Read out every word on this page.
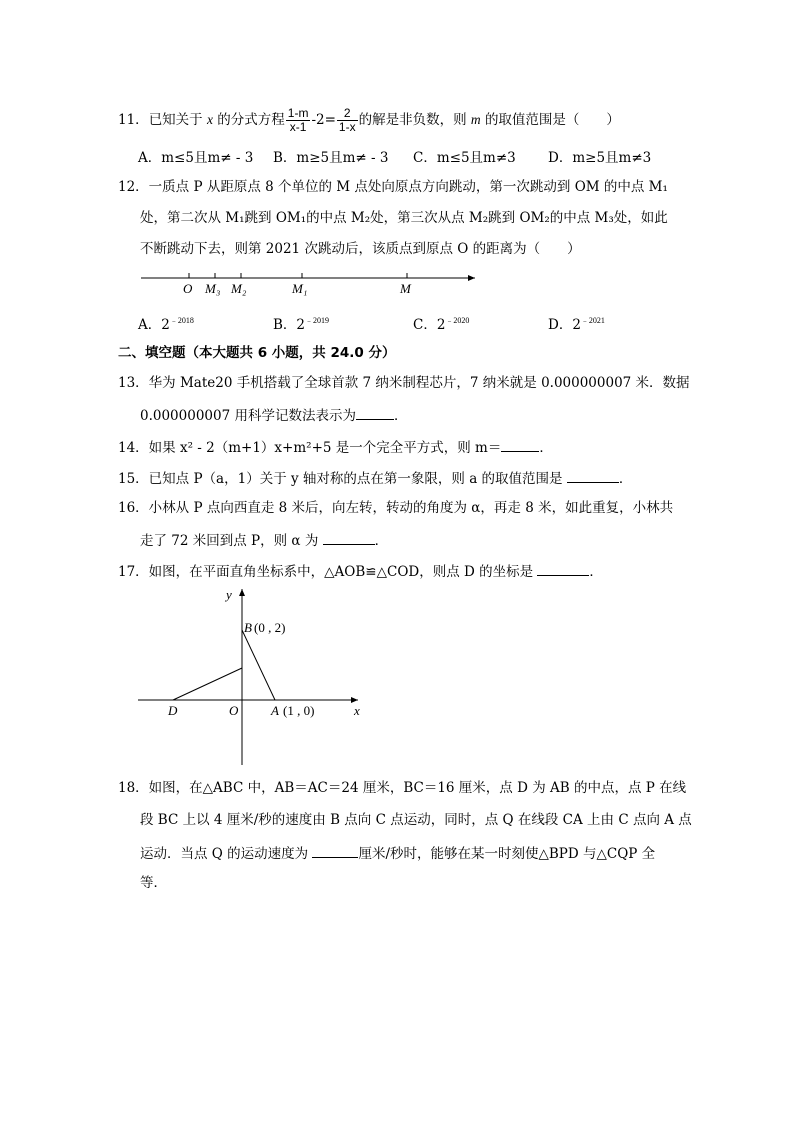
11．已知关于 x 的分式方程 $\frac{1-m}{x-1} -2= \frac{2}{1-x}$ 的解是非负数，则 m 的取值范围是（　　）
A．m≤5且m≠ - 3 B．m≥5且m≠ - 3 C．m≤5且m≠3 D．m≥5且m≠3
12．一质点 P 从距原点 8 个单位的 M 点处向原点方向跳动，第一次跳动到 OM 的中点 M₁
处，第二次从 M₁跳到 OM₁的中点 M₂处，第三次从点 M₂跳到 OM₂的中点 M₃处，如此
不断跳动下去，则第 2021 次跳动后，该质点到原点 O 的距离为（　　）
O M₃ M₂	M₁	M
A．$2^{﹣2018}$	B．$2^{﹣2019}$	C．$2^{﹣2020}$	D．$2^{﹣2021}$
二、填空题（本大题共 6 小题，共 24.0 分）
13．华为 Mate20 手机搭载了全球首款 7 纳米制程芯片，7 纳米就是 0.000000007 米．数据
0.000000007 用科学记数法表示为	．
14．如果 x² - 2（m+1）x+m²+5 是一个完全平方式，则 m＝	．
15．已知点 P（a，1）关于 y 轴对称的点在第一象限，则 a 的取值范围是	．
16．小林从 P 点向西直走 8 米后，向左转，转动的角度为 α，再走 8 米，如此重复，小林共
走了 72 米回到点 P，则 α 为	．
17．如图，在平面直角坐标系中，△AOB≌△COD，则点 D 的坐标是	．
y
x
B (0 , 2)
O	A (1 , 0)
D
18．如图，在△ABC 中，AB＝AC＝24 厘米，BC＝16 厘米，点 D 为 AB 的中点，点 P 在线
段 BC 上以 4 厘米/秒的速度由 B 点向 C 点运动，同时，点 Q 在线段 CA 上由 C 点向 A 点
运动．当点 Q 的运动速度为	厘米/秒时，能够在某一时刻使△BPD 与△CQP 全
等．
